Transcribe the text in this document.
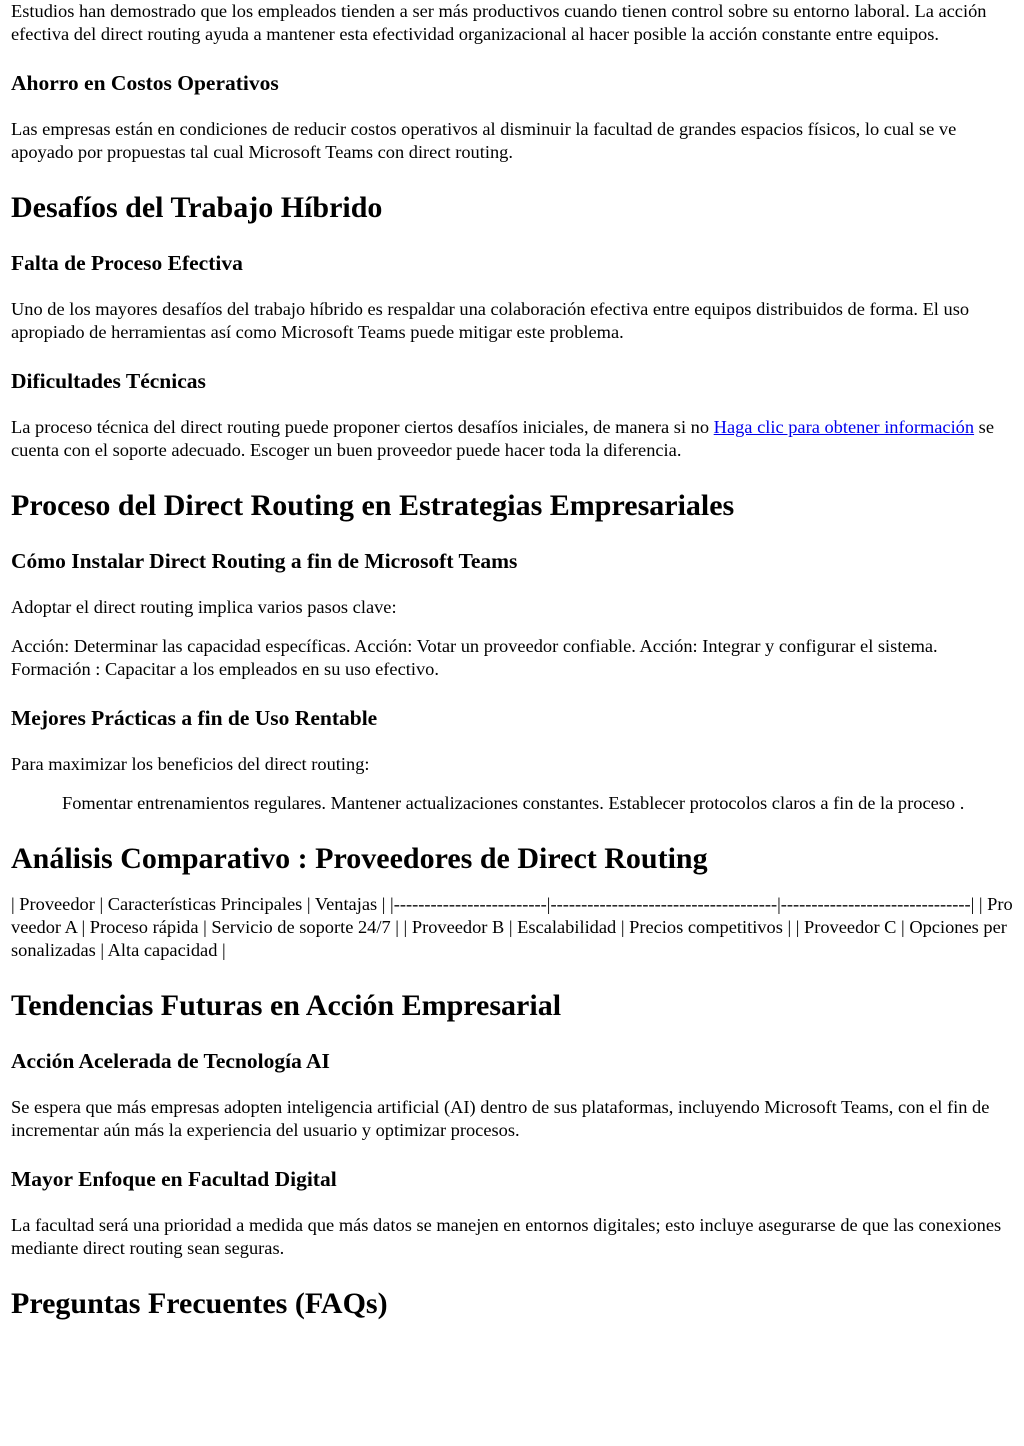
Estudios han demostrado que los empleados tienden a ser más productivos cuando tienen control sobre su entorno laboral. La acción efectiva del direct routing ayuda a mantener esta efectividad organizacional al hacer posible la acción constante entre equipos.

Ahorro en Costos Operativos

Las empresas están en condiciones de reducir costos operativos al disminuir la facultad de grandes espacios físicos, lo cual se ve apoyado por propuestas tal cual Microsoft Teams con direct routing.

Desafíos del Trabajo Híbrido
Falta de Proceso Efectiva

Uno de los mayores desafíos del trabajo híbrido es respaldar una colaboración efectiva entre equipos distribuidos de forma. El uso apropiado de herramientas así como Microsoft Teams puede mitigar este problema.

Dificultades Técnicas

La proceso técnica del direct routing puede proponer ciertos desafíos iniciales, de manera si no Haga clic para obtener información se cuenta con el soporte adecuado. Escoger un buen proveedor puede hacer toda la diferencia.

Proceso del Direct Routing en Estrategias Empresariales
Cómo Instalar Direct Routing a fin de Microsoft Teams

Adoptar el direct routing implica varios pasos clave:

Acción: Determinar las capacidad específicas. Acción: Votar un proveedor confiable. Acción: Integrar y configurar el sistema. Formación : Capacitar a los empleados en su uso efectivo.

Mejores Prácticas a fin de Uso Rentable

Para maximizar los beneficios del direct routing:

Fomentar entrenamientos regulares. Mantener actualizaciones constantes. Establecer protocolos claros a fin de la proceso .
Análisis Comparativo : Proveedores de Direct Routing

| Proveedor | Características Principales | Ventajas | |-------------------------|-------------------------------------|-------------------------------| | Proveedor A | Proceso rápida | Servicio de soporte 24/7 | | Proveedor B | Escalabilidad | Precios competitivos | | Proveedor C | Opciones personalizadas | Alta capacidad |

Tendencias Futuras en Acción Empresarial
Acción Acelerada de Tecnología AI

Se espera que más empresas adopten inteligencia artificial (AI) dentro de sus plataformas, incluyendo Microsoft Teams, con el fin de incrementar aún más la experiencia del usuario y optimizar procesos.

Mayor Enfoque en Facultad Digital

La facultad será una prioridad a medida que más datos se manejen en entornos digitales; esto incluye asegurarse de que las conexiones mediante direct routing sean seguras.

Preguntas Frecuentes (FAQs)
